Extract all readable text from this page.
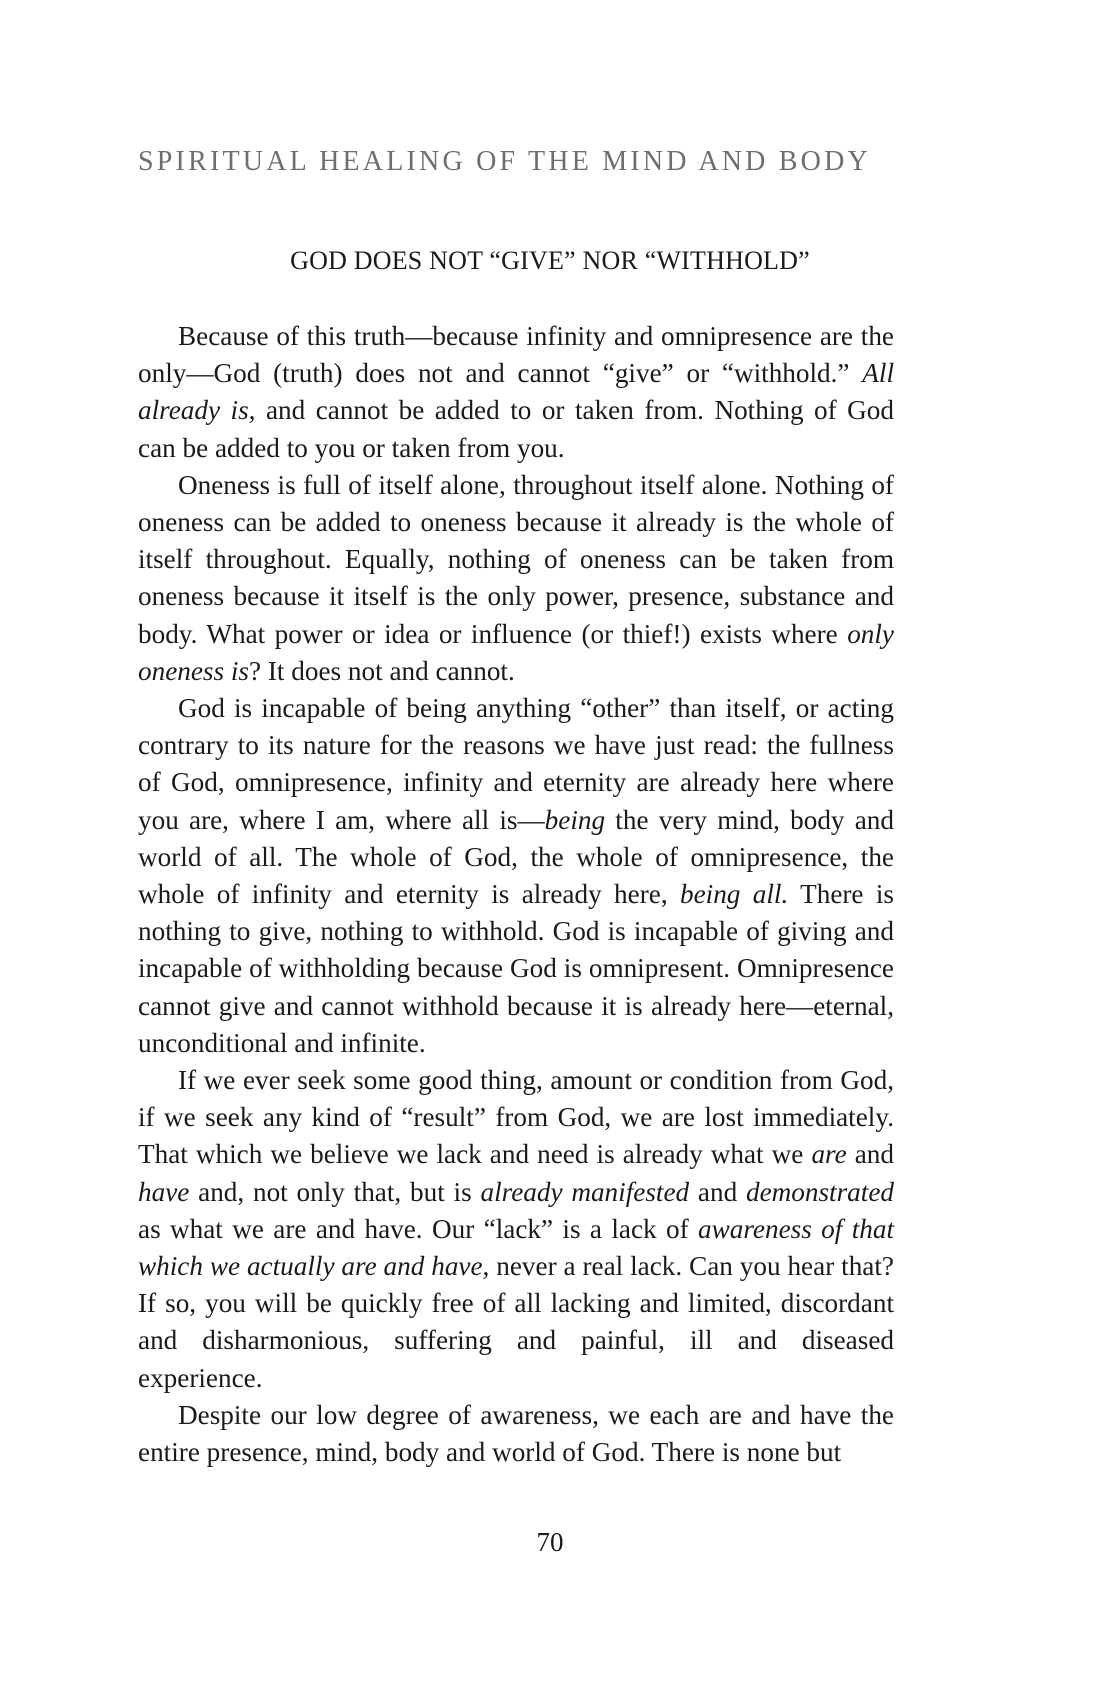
SPIRITUAL HEALING OF THE MIND AND BODY
GOD DOES NOT “GIVE” NOR “WITHHOLD”

Because of this truth—because infinity and omnipresence are the only—God (truth) does not and cannot “give” or “withhold.” All already is, and cannot be added to or taken from. Nothing of God can be added to you or taken from you.

Oneness is full of itself alone, throughout itself alone. Nothing of oneness can be added to oneness because it already is the whole of itself throughout. Equally, nothing of oneness can be taken from oneness because it itself is the only power, presence, substance and body. What power or idea or influence (or thief!) exists where only oneness is? It does not and cannot.

God is incapable of being anything “other” than itself, or acting contrary to its nature for the reasons we have just read: the fullness of God, omnipresence, infinity and eternity are already here where you are, where I am, where all is—being the very mind, body and world of all. The whole of God, the whole of omnipresence, the whole of infinity and eternity is already here, being all. There is nothing to give, nothing to withhold. God is incapable of giving and incapable of withholding because God is omnipresent. Omnipresence cannot give and cannot withhold because it is already here—eternal, unconditional and infinite.

If we ever seek some good thing, amount or condition from God, if we seek any kind of “result” from God, we are lost immediately. That which we believe we lack and need is already what we are and have and, not only that, but is already manifested and demonstrated as what we are and have. Our “lack” is a lack of awareness of that which we actually are and have, never a real lack. Can you hear that? If so, you will be quickly free of all lacking and limited, discordant and disharmonious, suffering and painful, ill and diseased experience.

Despite our low degree of awareness, we each are and have the entire presence, mind, body and world of God. There is none but

70
